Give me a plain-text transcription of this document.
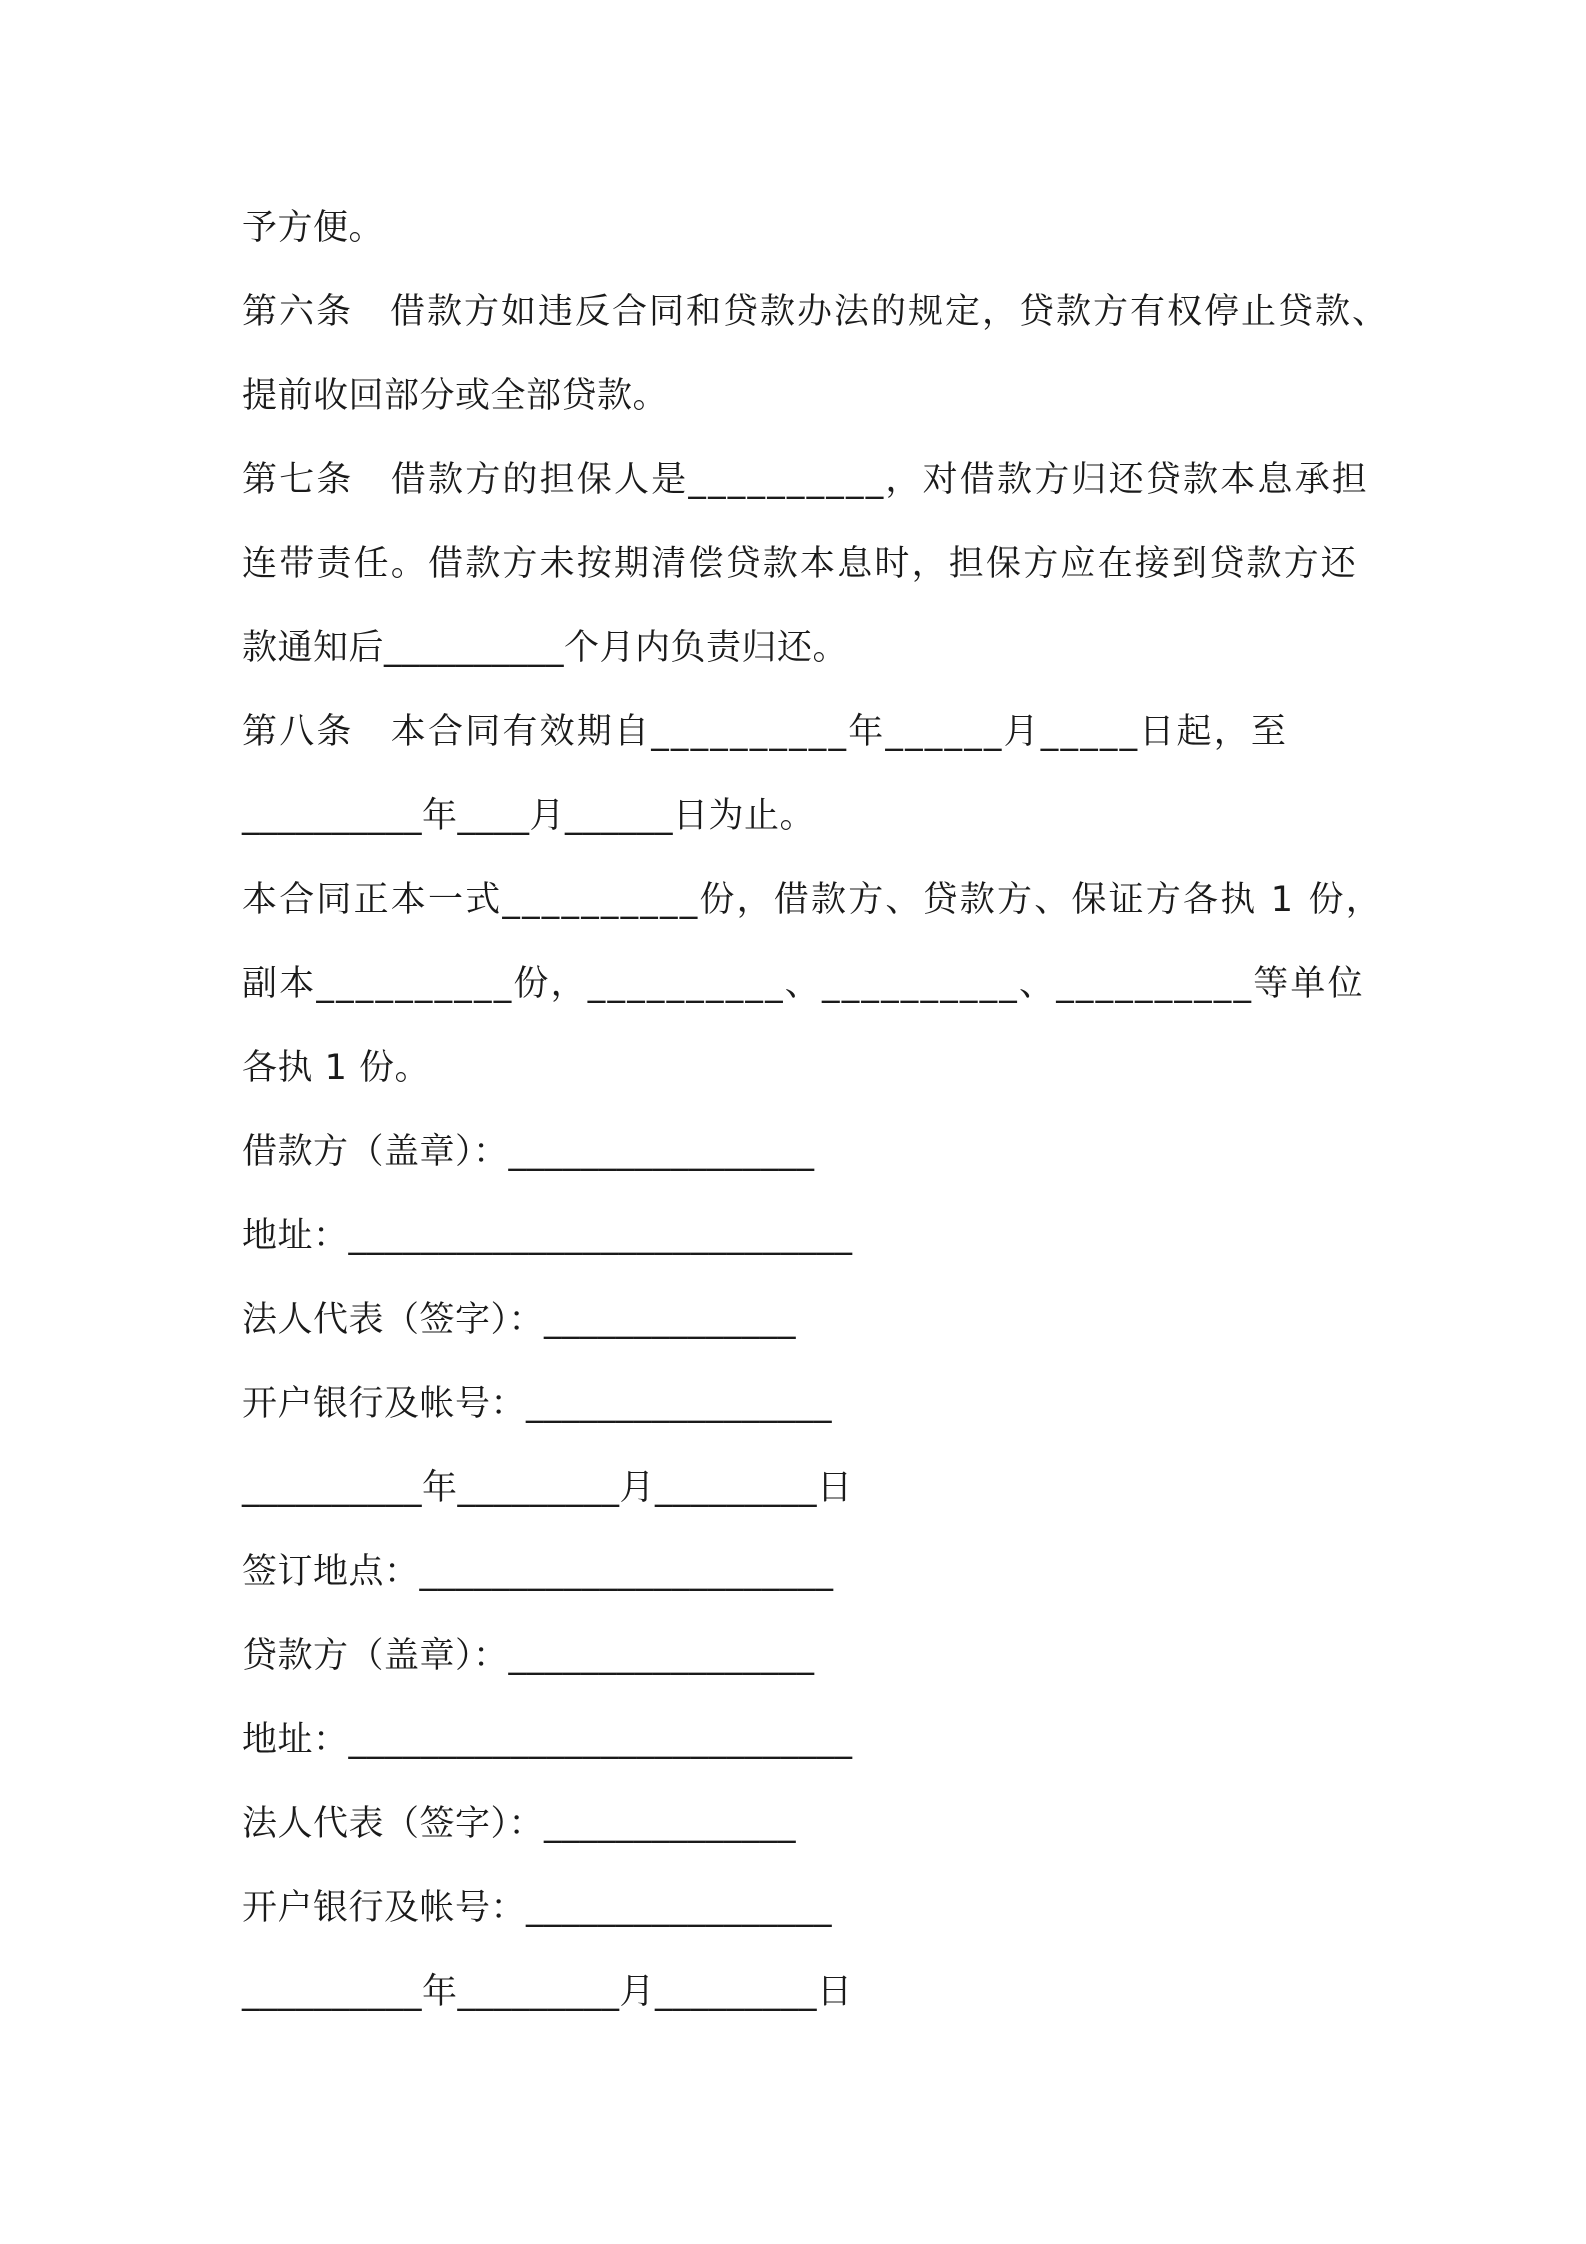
予方便。
第六条　借款方如违反合同和贷款办法的规定，贷款方有权停止贷款、
提前收回部分或全部贷款。
第七条　借款方的担保人是__________，对借款方归还贷款本息承担
连带责任。借款方未按期清偿贷款本息时，担保方应在接到贷款方还
款通知后__________个月内负责归还。
第八条　本合同有效期自__________年______月_____日起，至
__________年____月______日为止。
本合同正本一式__________份，借款方、贷款方、保证方各执 1 份，
副本__________份，__________、__________、__________等单位
各执 1 份。
借款方（盖章）：_________________
地址：____________________________
法人代表（签字）：______________
开户银行及帐号：_________________
__________年_________月_________日
签订地点：_______________________
贷款方（盖章）：_________________
地址：____________________________
法人代表（签字）：______________
开户银行及帐号：_________________
__________年_________月_________日
